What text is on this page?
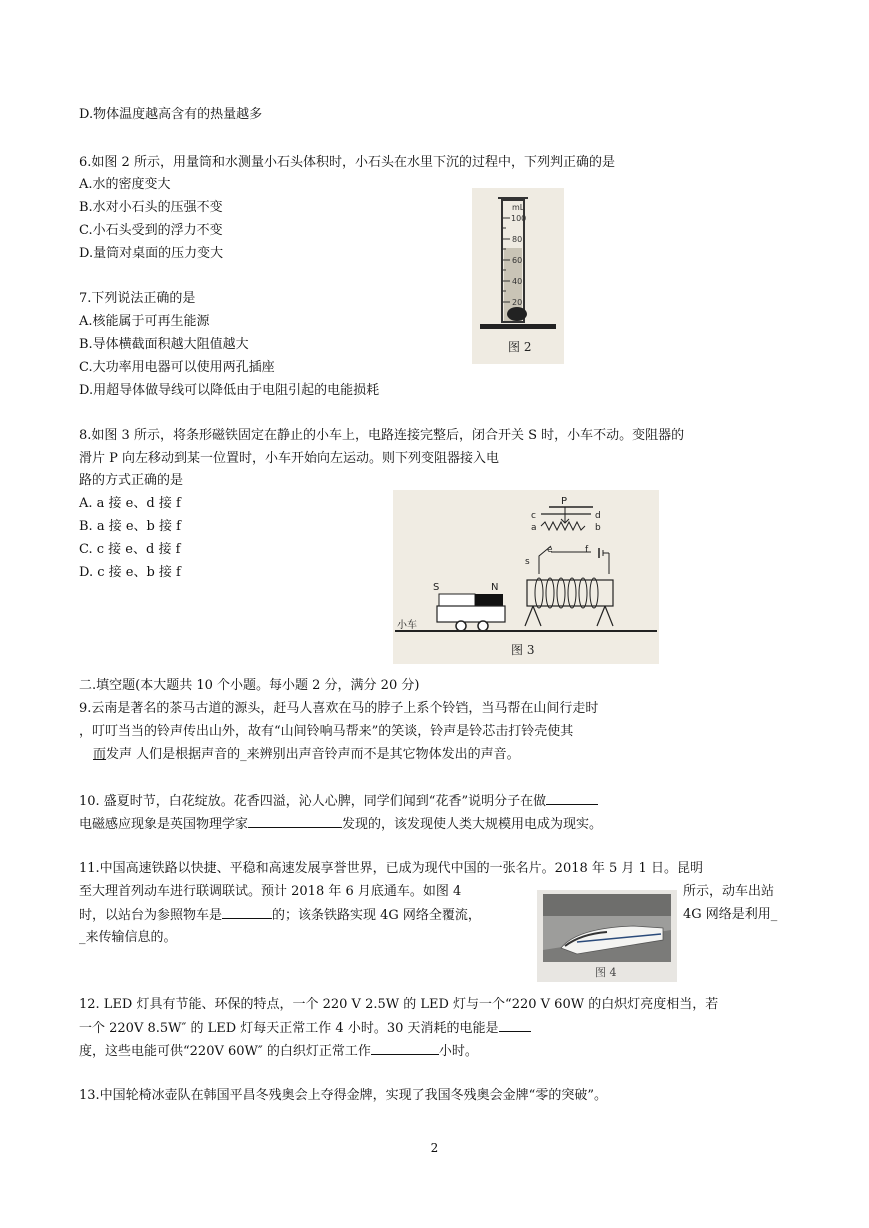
D.物体温度越高含有的热量越多
6.如图 2 所示，用量筒和水测量小石头体积时，小石头在水里下沉的过程中，下列判正确的是
A.水的密度变大
B.水对小石头的压强不变
C.小石头受到的浮力不变
D.量筒对桌面的压力变大
7.下列说法正确的是
A.核能属于可再生能源
B.导体横截面积越大阻值越大
C.大功率用电器可以使用两孔插座
D.用超导体做导线可以降低由于电阻引起的电能损耗
8.如图 3 所示，将条形磁铁固定在静止的小车上，电路连接完整后，闭合开关 S 时，小车不动。变阻器的
滑片 P 向左移动到某一位置时，小车开始向左运动。则下列变阻器接入电
路的方式正确的是
A. a 接 e、d 接 f
B. a 接 e、b 接 f
C. c 接 e、d 接 f
D. c 接 e、b 接 f
二.填空题(本大题共 10 个小题。每小题 2 分，满分 20 分)
9.云南是著名的茶马古道的源头，赶马人喜欢在马的脖子上系个铃铛，当马帮在山间行走时
，叮叮当当的铃声传出山外，故有“山间铃响马帮来”的笑谈，铃声是铃芯击打铃壳使其
而发声 人们是根据声音的_来辨别出声音铃声而不是其它物体发出的声音。
10. 盛夏时节，白花绽放。花香四溢，沁人心脾，同学们闻到“花香”说明分子在做
电磁感应现象是英国物理学家	发现的，该发现使人类大规模用电成为现实。
11.中国高速铁路以快捷、平稳和高速发展享誉世界，已成为现代中国的一张名片。2018 年 5 月 1 日。昆明
至大理首列动车进行联调联试。预计 2018 年 6 月底通车。如图 4	所示，动车出站
时，以站台为参照物车是	的；该条铁路实现 4G 网络全覆流，	4G 网络是利用_
_来传输信息的。
12. LED 灯具有节能、环保的特点，一个 220 V 2.5W 的 LED 灯与一个“220 V 60W 的白炽灯亮度相当，若
一个 220V 8.5W″ 的 LED 灯每天正常工作 4 小时。30 天消耗的电能是
度，这些电能可供“220V 60W″ 的白织灯正常工作	小时。
13.中国轮椅冰壶队在韩国平昌冬残奥会上夺得金牌，实现了我国冬残奥会金牌“零的突破”。
mL
100
80
60
40
20
图 2
P
c	d
a	b
e	f
s
S	N
小车
图 3
图 4
2
